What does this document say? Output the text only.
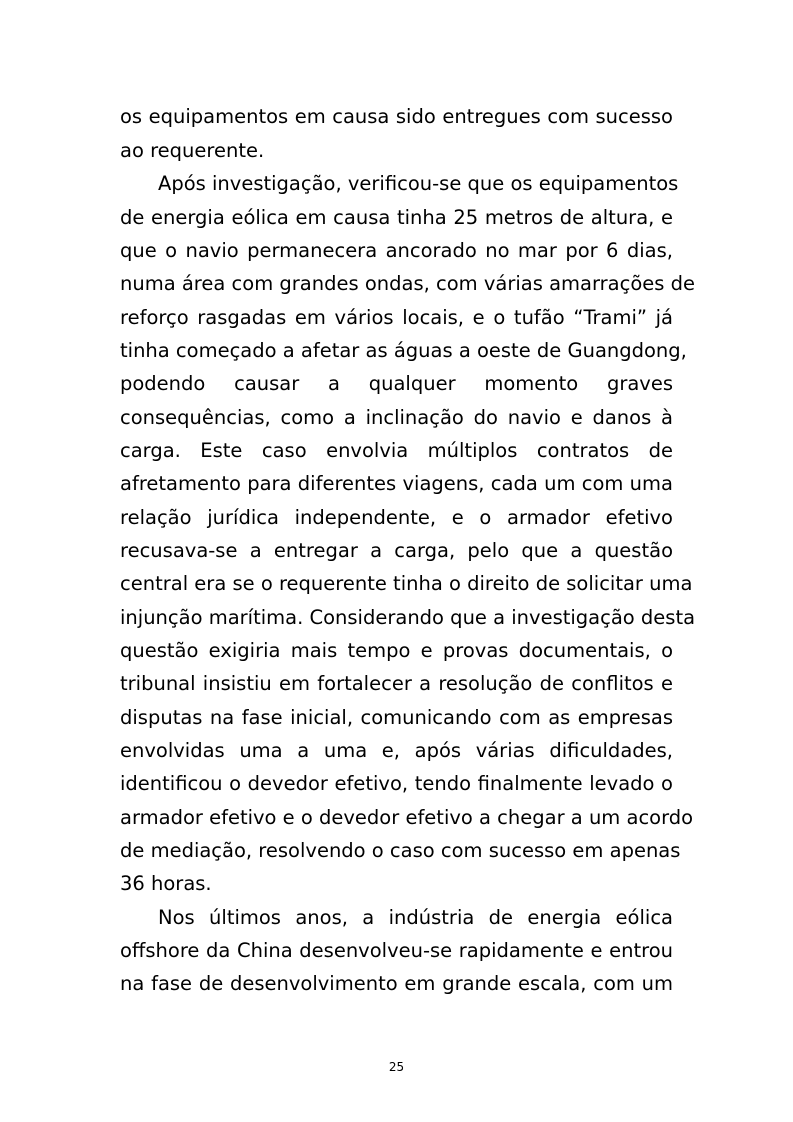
os equipamentos em causa sido entregues com sucesso
ao requerente.
Após investigação, verificou-se que os equipamentos
de energia eólica em causa tinha 25 metros de altura, e
que o navio permanecera ancorado no mar por 6 dias,
numa área com grandes ondas, com várias amarrações de
reforço rasgadas em vários locais, e o tufão “Trami” já
tinha começado a afetar as águas a oeste de Guangdong,
podendo causar a qualquer momento graves
consequências, como a inclinação do navio e danos à
carga. Este caso envolvia múltiplos contratos de
afretamento para diferentes viagens, cada um com uma
relação jurídica independente, e o armador efetivo
recusava-se a entregar a carga, pelo que a questão
central era se o requerente tinha o direito de solicitar uma
injunção marítima. Considerando que a investigação desta
questão exigiria mais tempo e provas documentais, o
tribunal insistiu em fortalecer a resolução de conflitos e
disputas na fase inicial, comunicando com as empresas
envolvidas uma a uma e, após várias dificuldades,
identificou o devedor efetivo, tendo finalmente levado o
armador efetivo e o devedor efetivo a chegar a um acordo
de mediação, resolvendo o caso com sucesso em apenas
36 horas.
Nos últimos anos, a indústria de energia eólica
offshore da China desenvolveu-se rapidamente e entrou
na fase de desenvolvimento em grande escala, com um
25
